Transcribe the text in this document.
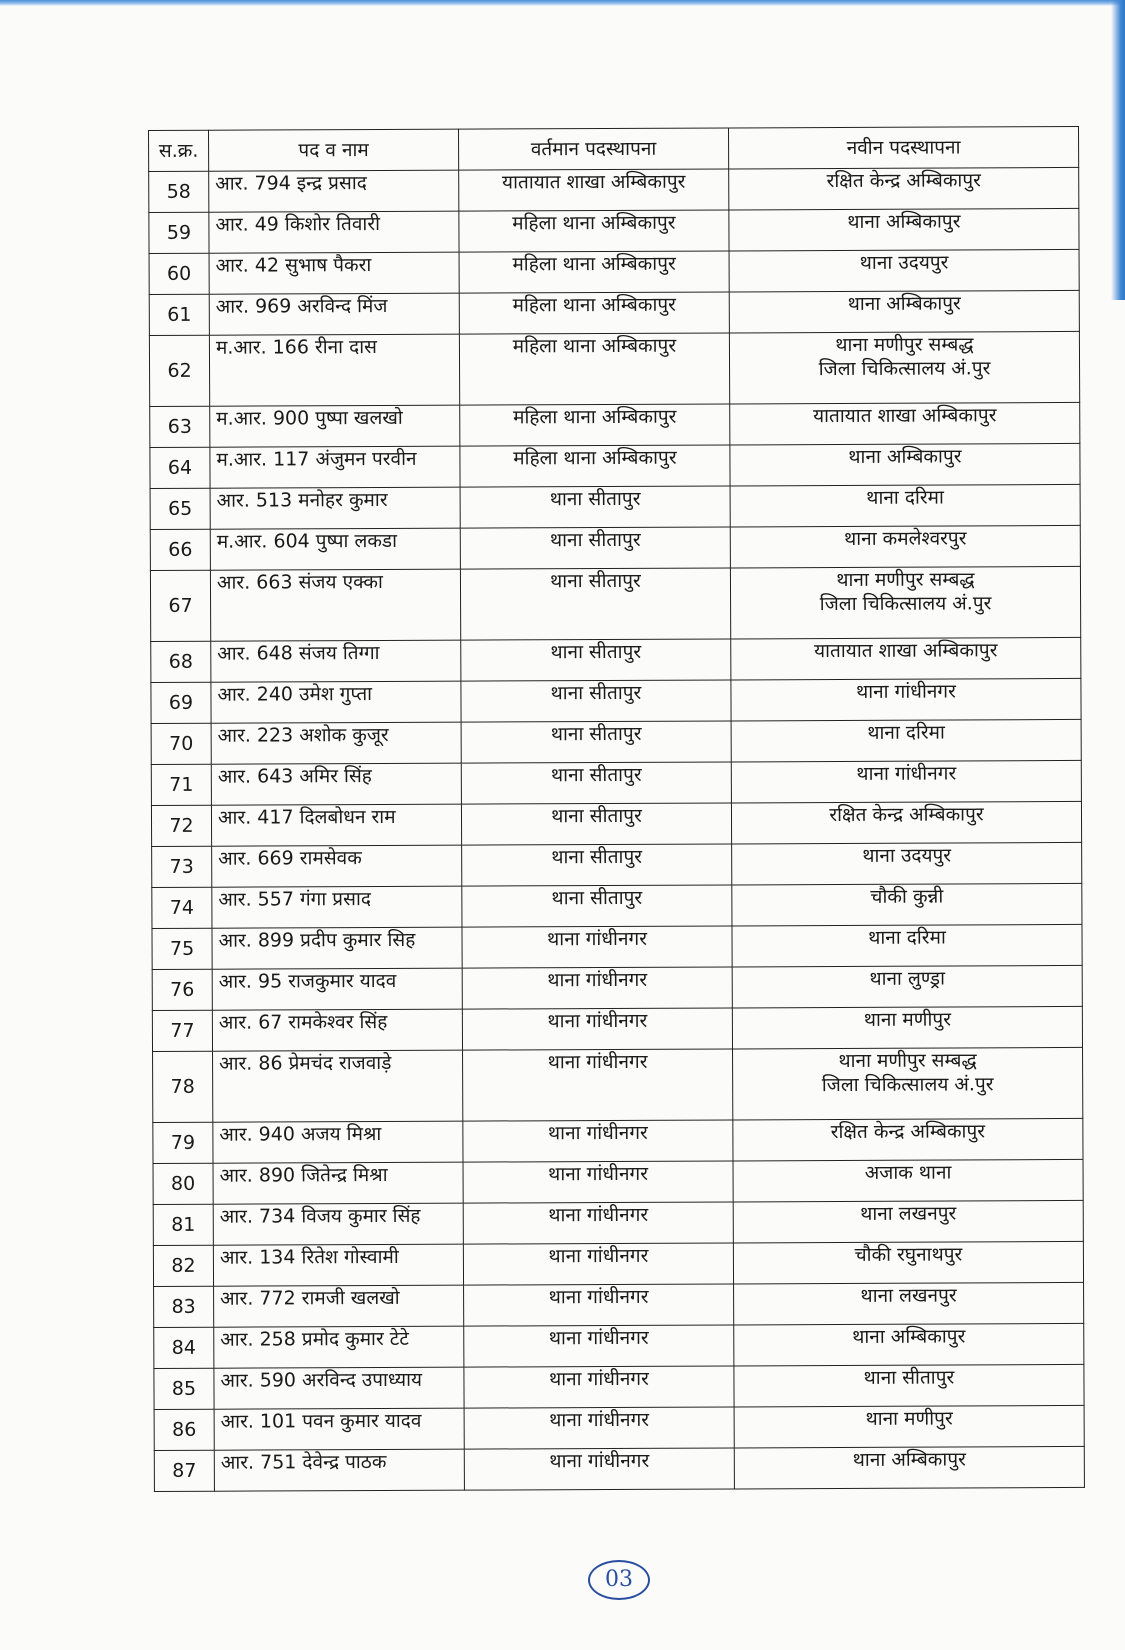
स.क्र.	पद व नाम	वर्तमान पदस्थापना	नवीन पदस्थापना
58	आर. 794 इन्द्र प्रसाद	यातायात शाखा अम्बिकापुर	रक्षित केन्द्र अम्बिकापुर
59	आर. 49 किशोर तिवारी	महिला थाना अम्बिकापुर	थाना अम्बिकापुर
60	आर. 42 सुभाष पैकरा	महिला थाना अम्बिकापुर	थाना उदयपुर
61	आर. 969 अरविन्द मिंज	महिला थाना अम्बिकापुर	थाना अम्बिकापुर
62	म.आर. 166 रीना दास	महिला थाना अम्बिकापुर	थाना मणीपुर सम्बद्ध
जिला चिकित्सालय अं.पुर
63	म.आर. 900 पुष्पा खलखो	महिला थाना अम्बिकापुर	यातायात शाखा अम्बिकापुर
64	म.आर. 117 अंजुमन परवीन	महिला थाना अम्बिकापुर	थाना अम्बिकापुर
65	आर. 513 मनोहर कुमार	थाना सीतापुर	थाना दरिमा
66	म.आर. 604 पुष्पा लकडा	थाना सीतापुर	थाना कमलेश्वरपुर
67	आर. 663 संजय एक्का	थाना सीतापुर	थाना मणीपुर सम्बद्ध
जिला चिकित्सालय अं.पुर
68	आर. 648 संजय तिग्गा	थाना सीतापुर	यातायात शाखा अम्बिकापुर
69	आर. 240 उमेश गुप्ता	थाना सीतापुर	थाना गांधीनगर
70	आर. 223 अशोक कुजूर	थाना सीतापुर	थाना दरिमा
71	आर. 643 अमिर सिंह	थाना सीतापुर	थाना गांधीनगर
72	आर. 417 दिलबोधन राम	थाना सीतापुर	रक्षित केन्द्र अम्बिकापुर
73	आर. 669 रामसेवक	थाना सीतापुर	थाना उदयपुर
74	आर. 557 गंगा प्रसाद	थाना सीतापुर	चौकी कुन्नी
75	आर. 899 प्रदीप कुमार सिह	थाना गांधीनगर	थाना दरिमा
76	आर. 95 राजकुमार यादव	थाना गांधीनगर	थाना लुण्ड्रा
77	आर. 67 रामकेश्वर सिंह	थाना गांधीनगर	थाना मणीपुर
78	आर. 86 प्रेमचंद राजवाड़े	थाना गांधीनगर	थाना मणीपुर सम्बद्ध
जिला चिकित्सालय अं.पुर
79	आर. 940 अजय मिश्रा	थाना गांधीनगर	रक्षित केन्द्र अम्बिकापुर
80	आर. 890 जितेन्द्र मिश्रा	थाना गांधीनगर	अजाक थाना
81	आर. 734 विजय कुमार सिंह	थाना गांधीनगर	थाना लखनपुर
82	आर. 134 रितेश गोस्वामी	थाना गांधीनगर	चौकी रघुनाथपुर
83	आर. 772 रामजी खलखो	थाना गांधीनगर	थाना लखनपुर
84	आर. 258 प्रमोद कुमार टेटे	थाना गांधीनगर	थाना अम्बिकापुर
85	आर. 590 अरविन्द उपाध्याय	थाना गांधीनगर	थाना सीतापुर
86	आर. 101 पवन कुमार यादव	थाना गांधीनगर	थाना मणीपुर
87	आर. 751 देवेन्द्र पाठक	थाना गांधीनगर	थाना अम्बिकापुर
03
